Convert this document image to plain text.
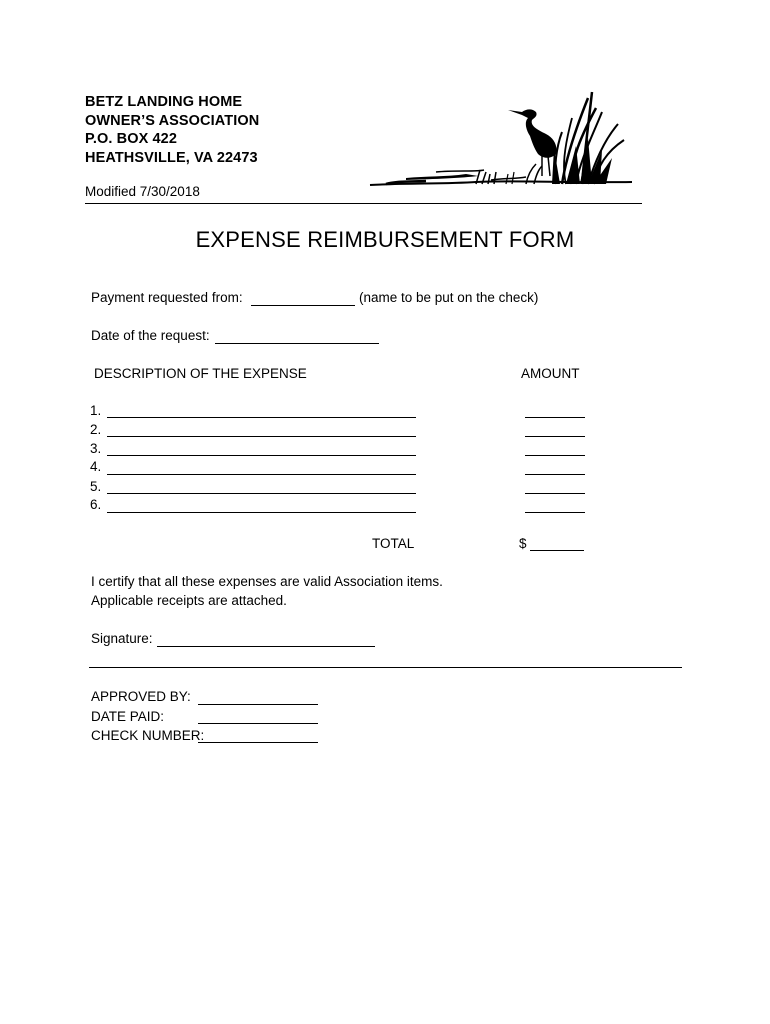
BETZ LANDING HOME
OWNER’S ASSOCIATION
P.O. BOX 422
HEATHSVILLE, VA 22473
Modified 7/30/2018
EXPENSE REIMBURSEMENT FORM
Payment requested from:	(name to be put on the check)
Date of the request:
DESCRIPTION OF THE EXPENSE	AMOUNT
1.
2.
3.
4.
5.
6.
TOTAL	$
I certify that all these expenses are valid Association items.
Applicable receipts are attached.
Signature:
APPROVED BY:
DATE PAID:
CHECK NUMBER:
